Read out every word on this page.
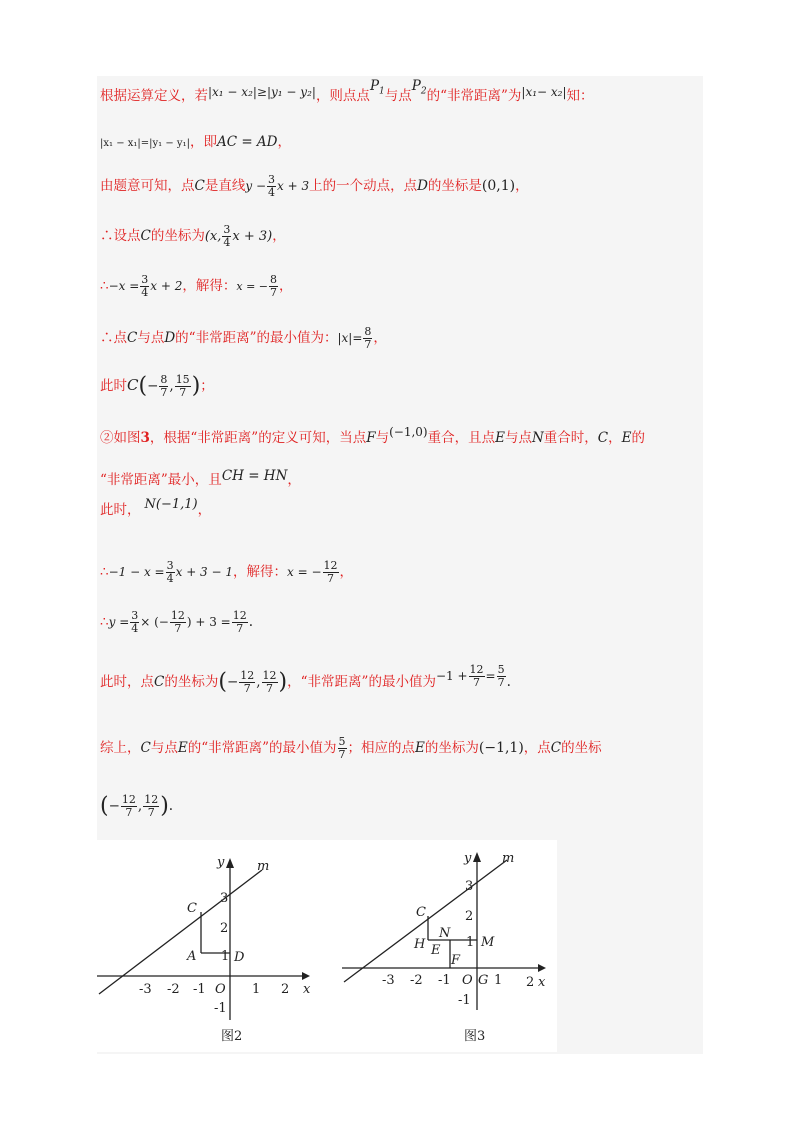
根据运算定义，若|x₁ − x₂|≥|y₁ − y₂|，则点点$P_1$与点$P_2$的“非常距离”为|x₁− x₂|知：
|x₁ − x₁|=|y₁ − y₁|，即AC = AD，
由题意可知，点C是直线$y - \frac{3}{4}$ x + 3上的一个动点，点D的坐标是(0,1)，
∴设点C的坐标为(x, $\frac{3}{4}$ x + 3)，
∴−x = $\frac{3}{4}$ x + 2，解得：x = − $\frac{8}{7}$ ，
∴点C与点D的“非常距离”的最小值为：$|x|= \frac{8}{7}$ ，
此时$C(- \frac{8}{7}$ , $\frac{15}{7}$ )；
②如图3，根据“非常距离”的定义可知，当点F与(−1,0)重合，且点E与点N重合时，C，E的
“非常距离”最小，且CH = HN，
此时， N(−1,1)，
∴−1 − $x = \frac{3}{4}$ x + 3 − 1，解得：x = − $\frac{12}{7}$ ，
∴y = $\frac{3}{4}$ × (− $\frac{12}{7}$ ) + $3 = \frac{12}{7}$ .
此时，点C的坐标为(− $\frac{12}{7}$ , $\frac{12}{7}$ )，“非常距离”的最小值为$-1 + \frac{12}{7} = \frac{5}{7}$ .
综上，C与点E的“非常距离”的最小值为 $\frac{5}{7}$ ；相应的点E的坐标为(−1,1)，点C的坐标
(− $\frac{12}{7}$ , $\frac{12}{7}$ ).
y	m
x
C
A	D
O
3
2
1
-1
-3 -2 -1	1 2
图2
y m
x
C
N
H E
F
M
G
O
3
2
1
-1
-3 -2 -1	1 2
图3
